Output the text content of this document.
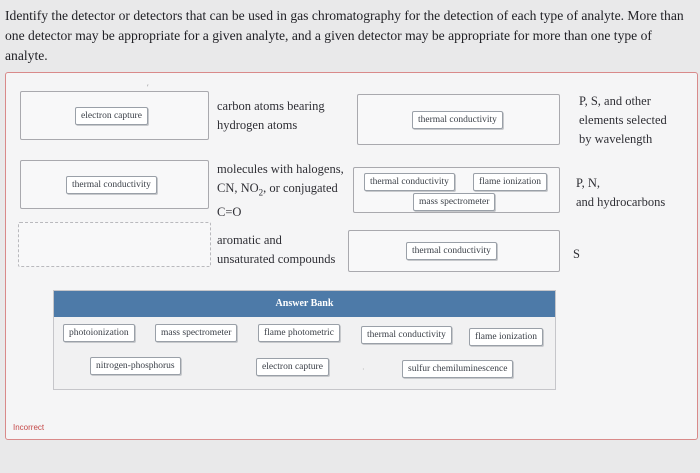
Identify the detector or detectors that can be used in gas chromatography for the detection of each type of analyte. More than one detector may be appropriate for a given analyte, and a given detector may be appropriate for more than one type of analyte.
electron capture
′
carbon atoms bearing
hydrogen atoms	thermal conductivity
P, S, and other
elements selected
by wavelength
thermal conductivity
molecules with halogens,
CN, $NO_2$, or conjugated
C=O
thermal conductivity	flame ionization
mass spectrometer
P, N,
and hydrocarbons
aromatic and
unsaturated compounds
thermal conductivity	S
Answer Bank
photoionization	mass spectrometer	flame photometric	thermal conductivity	flame ionization
nitrogen-phosphorus	electron capture	·	sulfur chemiluminescence
Incorrect
